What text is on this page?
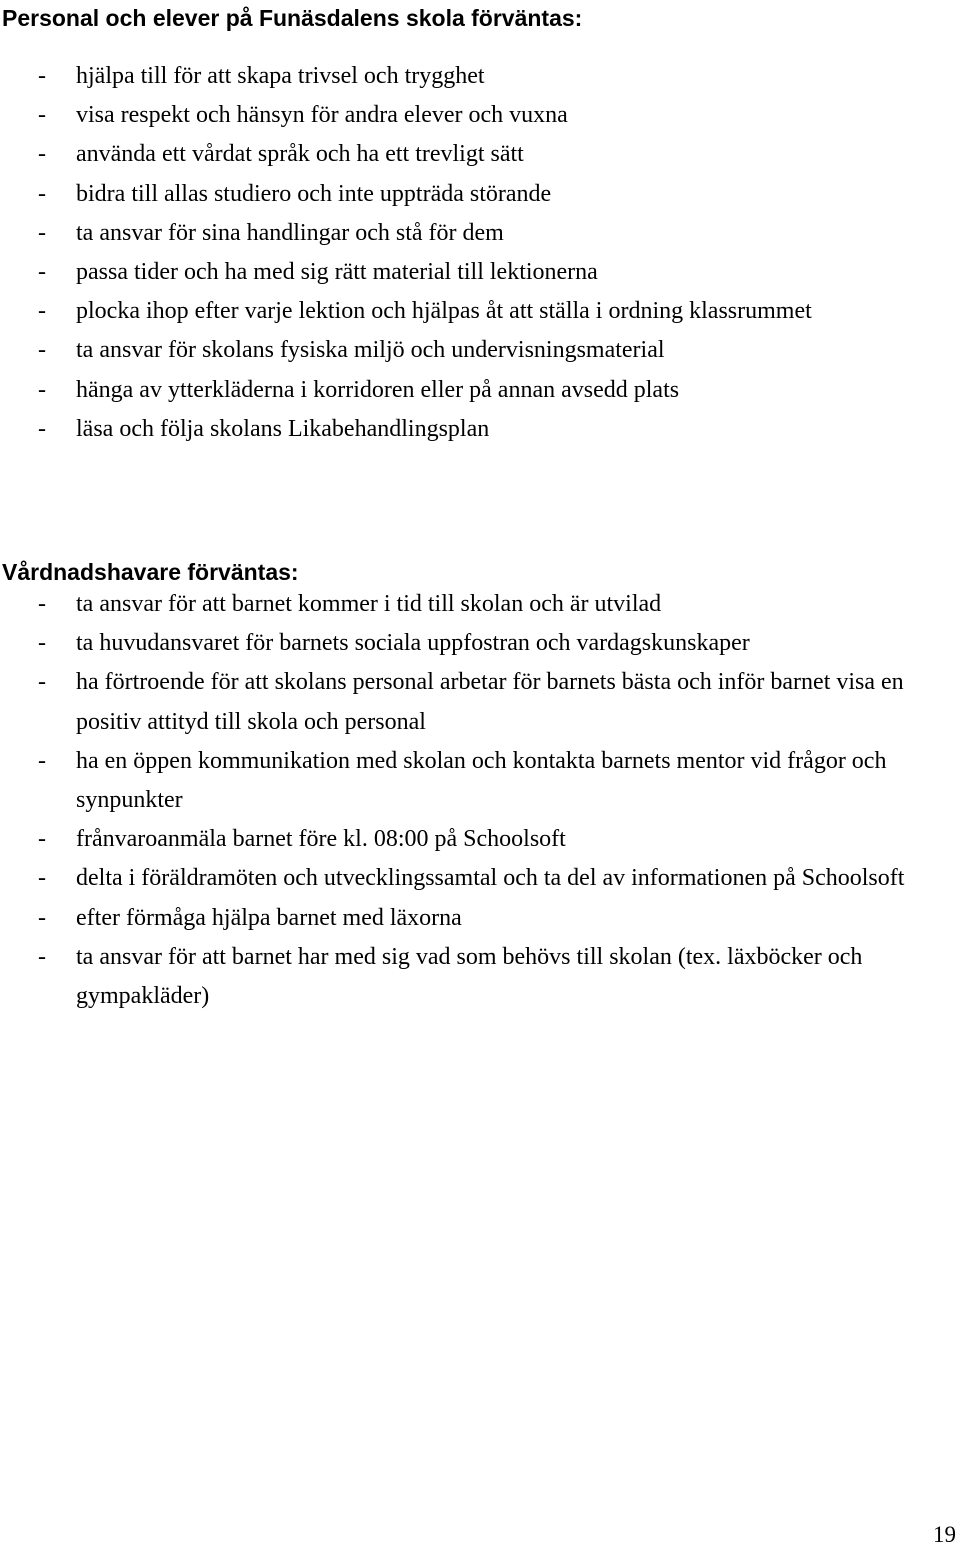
Personal och elever på Funäsdalens skola förväntas:
- hjälpa till för att skapa trivsel och trygghet
- visa respekt och hänsyn för andra elever och vuxna
- använda ett vårdat språk och ha ett trevligt sätt
- bidra till allas studiero och inte uppträda störande
- ta ansvar för sina handlingar och stå för dem
- passa tider och ha med sig rätt material till lektionerna
- plocka ihop efter varje lektion och hjälpas åt att ställa i ordning klassrummet
- ta ansvar för skolans fysiska miljö och undervisningsmaterial
- hänga av ytterkläderna i korridoren eller på annan avsedd plats
- läsa och följa skolans Likabehandlingsplan
Vårdnadshavare förväntas:
- ta ansvar för att barnet kommer i tid till skolan och är utvilad
- ta huvudansvaret för barnets sociala uppfostran och vardagskunskaper
- ha förtroende för att skolans personal arbetar för barnets bästa och inför barnet visa en positiv attityd till skola och personal
- ha en öppen kommunikation med skolan och kontakta barnets mentor vid frågor och synpunkter
- frånvaroanmäla barnet före kl. 08:00 på Schoolsoft
- delta i föräldramöten och utvecklingssamtal och ta del av informationen på Schoolsoft
- efter förmåga hjälpa barnet med läxorna
- ta ansvar för att barnet har med sig vad som behövs till skolan (tex. läxböcker och gympakläder)
19
